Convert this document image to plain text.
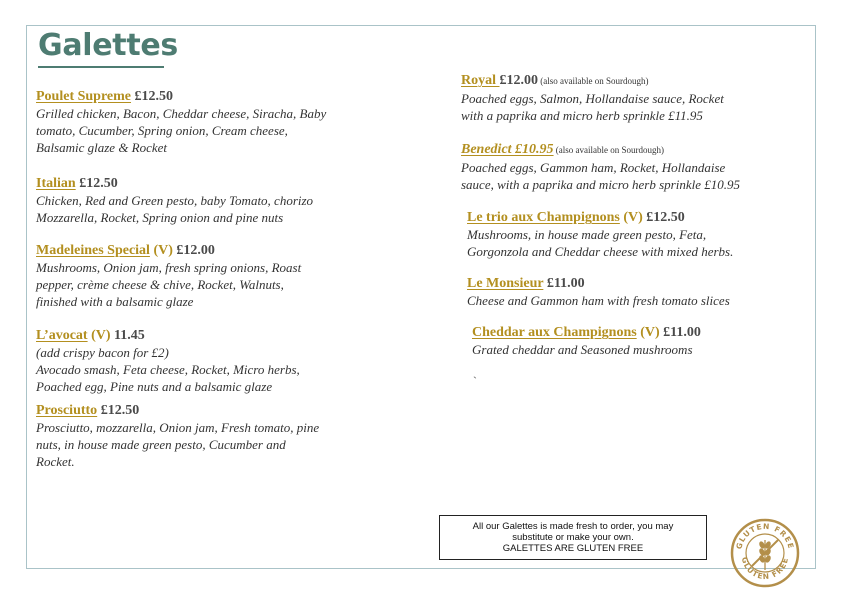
Galettes
Poulet Supreme £12.50

Grilled chicken, Bacon, Cheddar cheese, Siracha, Baby

tomato, Cucumber, Spring onion, Cream cheese,

Balsamic glaze & Rocket

Italian £12.50

Chicken, Red and Green pesto, baby Tomato, chorizo

Mozzarella, Rocket, Spring onion and pine nuts

Madeleines Special (V) £12.00

Mushrooms, Onion jam, fresh spring onions, Roast

pepper, crème cheese & chive, Rocket, Walnuts,

finished with a balsamic glaze

L’avocat (V) 11.45

(add crispy bacon for £2)

Avocado smash, Feta cheese, Rocket, Micro herbs,

Poached egg, Pine nuts and a balsamic glaze

Prosciutto £12.50

Prosciutto, mozzarella, Onion jam, Fresh tomato, pine

nuts, in house made green pesto, Cucumber and

Rocket.

Royal £12.00 (also available on Sourdough)

Poached eggs, Salmon, Hollandaise sauce, Rocket

with a paprika and micro herb sprinkle £11.95

Benedict £10.95 (also available on Sourdough)

Poached eggs, Gammon ham, Rocket, Hollandaise

sauce, with a paprika and micro herb sprinkle £10.95

Le trio aux Champignons (V) £12.50

Mushrooms, in house made green pesto, Feta,

Gorgonzola and Cheddar cheese with mixed herbs.

Le Monsieur £11.00

Cheese and Gammon ham with fresh tomato slices

Cheddar aux Champignons (V) £11.00

Grated cheddar and Seasoned mushrooms

`
All our Galettes is made fresh to order, you may
substitute or make your own.
GALETTES ARE GLUTEN FREE	GLUTEN FREE
GLUTEN FREE
